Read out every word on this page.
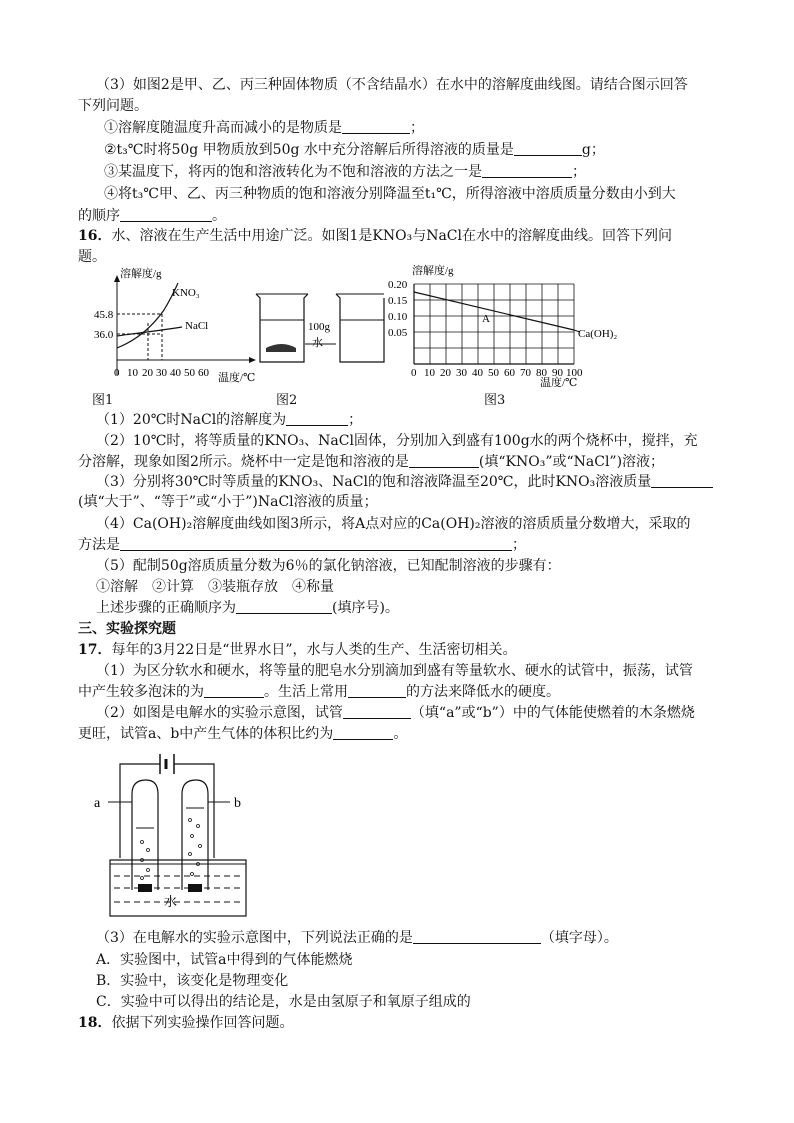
（3）如图2是甲、乙、丙三种固体物质（不含结晶水）在水中的溶解度曲线图。请结合图示回答
下列问题。
①溶解度随温度升高而减小的是物质是	；
②t₃℃时将50g 甲物质放到50g 水中充分溶解后所得溶液的质量是	g；
③某温度下，将丙的饱和溶液转化为不饱和溶液的方法之一是	；
④将t₃℃甲、乙、丙三种物质的饱和溶液分别降温至t₁℃，所得溶液中溶质质量分数由小到大
的顺序	。
16．水、溶液在生产生活中用途广泛。如图1是KNO₃与NaCl在水中的溶解度曲线。回答下列问
题。
溶解度/g
45.8
36.0
KNO₃
NaCl
0 10 20 30 40 50 60 温度/℃
图1
100g
水
图2
溶解度/g
A
Ca(OH)₂
0.20
0.15
0.10
0.05
0 10 20 30 40 50 60 70 80 90 100
温度/℃
图3
（1）20℃时NaCl的溶解度为	；
（2）10℃时，将等质量的KNO₃、NaCl固体，分别加入到盛有100g水的两个烧杯中，搅拌，充
分溶解，现象如图2所示。烧杯中一定是饱和溶液的是	(填“KNO₃”或“NaCl”)溶液；
（3）分别将30℃时等质量的KNO₃、NaCl的饱和溶液降温至20℃，此时KNO₃溶液质量
(填“大于”、“等于”或“小于”)NaCl溶液的质量；
（4）Ca(OH)₂溶解度曲线如图3所示，将A点对应的Ca(OH)₂溶液的溶质质量分数增大，采取的
方法是	；
（5）配制50g溶质质量分数为6％的氯化钠溶液，已知配制溶液的步骤有：
①溶解　②计算　③装瓶存放　④称量
上述步骤的正确顺序为	(填序号)。
三、实验探究题
17．每年的3月22日是“世界水日”，水与人类的生产、生活密切相关。
（1）为区分软水和硬水，将等量的肥皂水分别滴加到盛有等量软水、硬水的试管中，振荡，试管
中产生较多泡沫的为	。生活上常用	的方法来降低水的硬度。
（2）如图是电解水的实验示意图，试管	（填“a”或“b”）中的气体能使燃着的木条燃烧
更旺，试管a、b中产生气体的体积比约为	。
a	b
水
（3）在电解水的实验示意图中，下列说法正确的是	（填字母）。
A．实验图中，试管a中得到的气体能燃烧
B．实验中，该变化是物理变化
C．实验中可以得出的结论是，水是由氢原子和氧原子组成的
18．依据下列实验操作回答问题。
